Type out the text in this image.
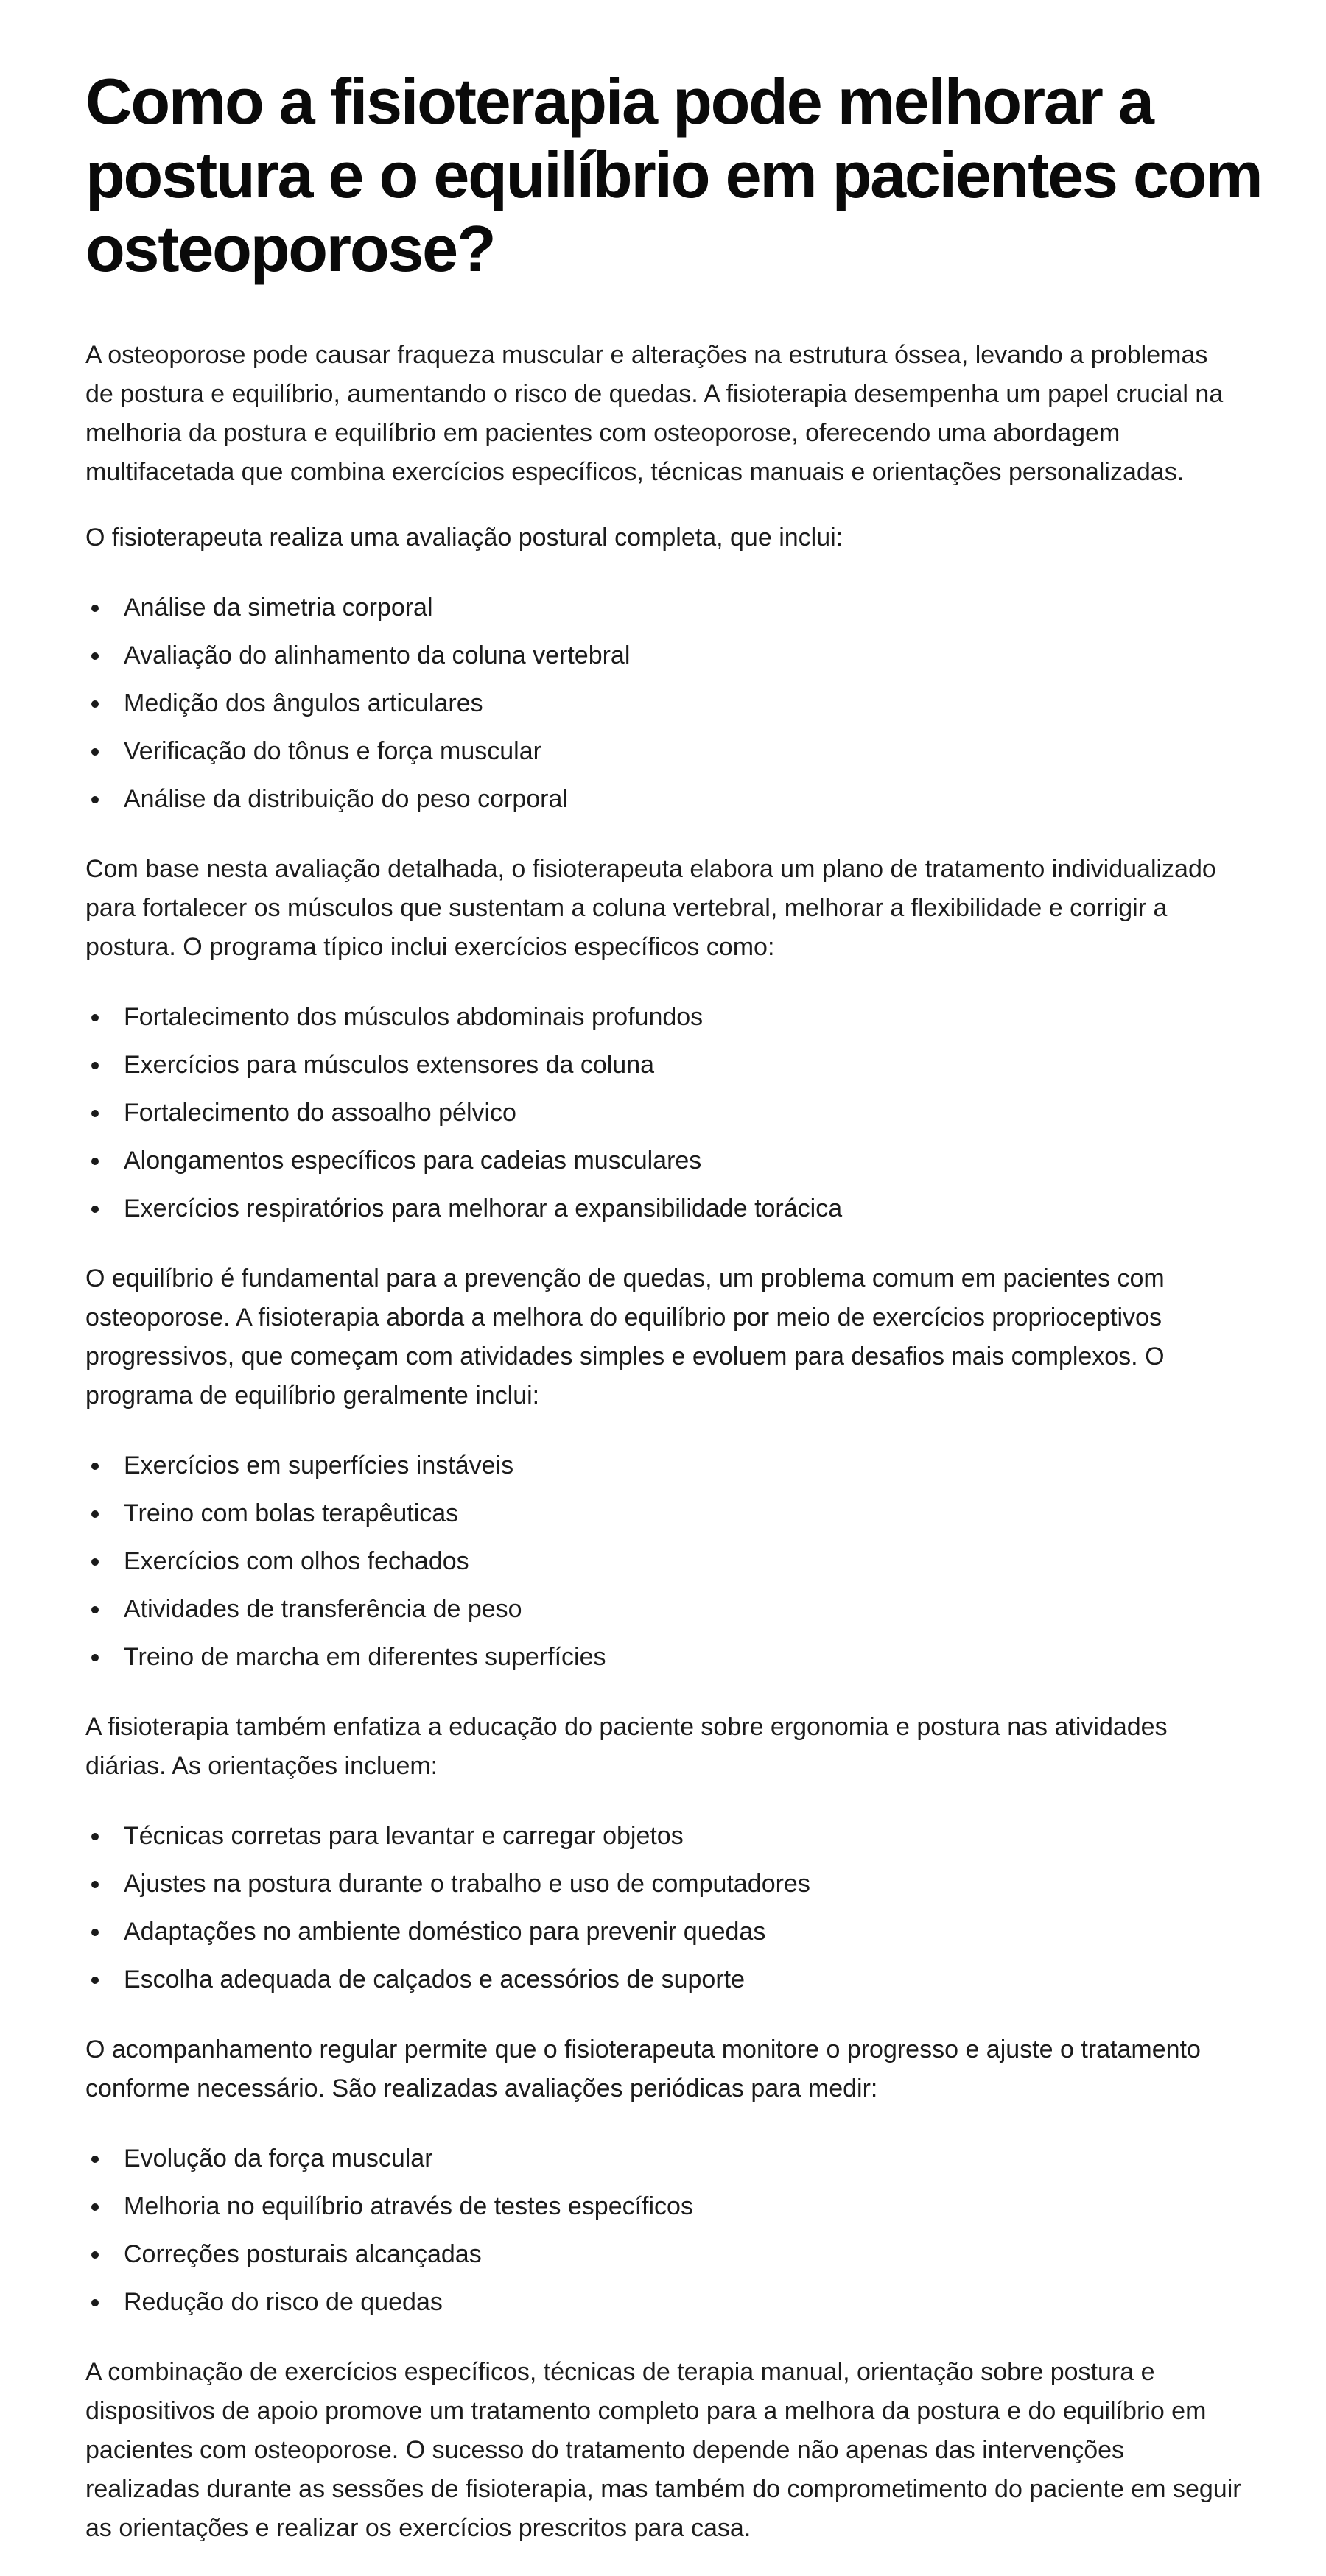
Como a fisioterapia pode melhorar a postura e o equilíbrio em pacientes com osteoporose?

A osteoporose pode causar fraqueza muscular e alterações na estrutura óssea, levando a problemas de postura e equilíbrio, aumentando o risco de quedas. A fisioterapia desempenha um papel crucial na melhoria da postura e equilíbrio em pacientes com osteoporose, oferecendo uma abordagem multifacetada que combina exercícios específicos, técnicas manuais e orientações personalizadas.

O fisioterapeuta realiza uma avaliação postural completa, que inclui:

Análise da simetria corporal
Avaliação do alinhamento da coluna vertebral
Medição dos ângulos articulares
Verificação do tônus e força muscular
Análise da distribuição do peso corporal

Com base nesta avaliação detalhada, o fisioterapeuta elabora um plano de tratamento individualizado para fortalecer os músculos que sustentam a coluna vertebral, melhorar a flexibilidade e corrigir a postura. O programa típico inclui exercícios específicos como:

Fortalecimento dos músculos abdominais profundos
Exercícios para músculos extensores da coluna
Fortalecimento do assoalho pélvico
Alongamentos específicos para cadeias musculares
Exercícios respiratórios para melhorar a expansibilidade torácica

O equilíbrio é fundamental para a prevenção de quedas, um problema comum em pacientes com osteoporose. A fisioterapia aborda a melhora do equilíbrio por meio de exercícios proprioceptivos progressivos, que começam com atividades simples e evoluem para desafios mais complexos. O programa de equilíbrio geralmente inclui:

Exercícios em superfícies instáveis
Treino com bolas terapêuticas
Exercícios com olhos fechados
Atividades de transferência de peso
Treino de marcha em diferentes superfícies

A fisioterapia também enfatiza a educação do paciente sobre ergonomia e postura nas atividades diárias. As orientações incluem:

Técnicas corretas para levantar e carregar objetos
Ajustes na postura durante o trabalho e uso de computadores
Adaptações no ambiente doméstico para prevenir quedas
Escolha adequada de calçados e acessórios de suporte

O acompanhamento regular permite que o fisioterapeuta monitore o progresso e ajuste o tratamento conforme necessário. São realizadas avaliações periódicas para medir:

Evolução da força muscular
Melhoria no equilíbrio através de testes específicos
Correções posturais alcançadas
Redução do risco de quedas

A combinação de exercícios específicos, técnicas de terapia manual, orientação sobre postura e dispositivos de apoio promove um tratamento completo para a melhora da postura e do equilíbrio em pacientes com osteoporose. O sucesso do tratamento depende não apenas das intervenções realizadas durante as sessões de fisioterapia, mas também do comprometimento do paciente em seguir as orientações e realizar os exercícios prescritos para casa.
